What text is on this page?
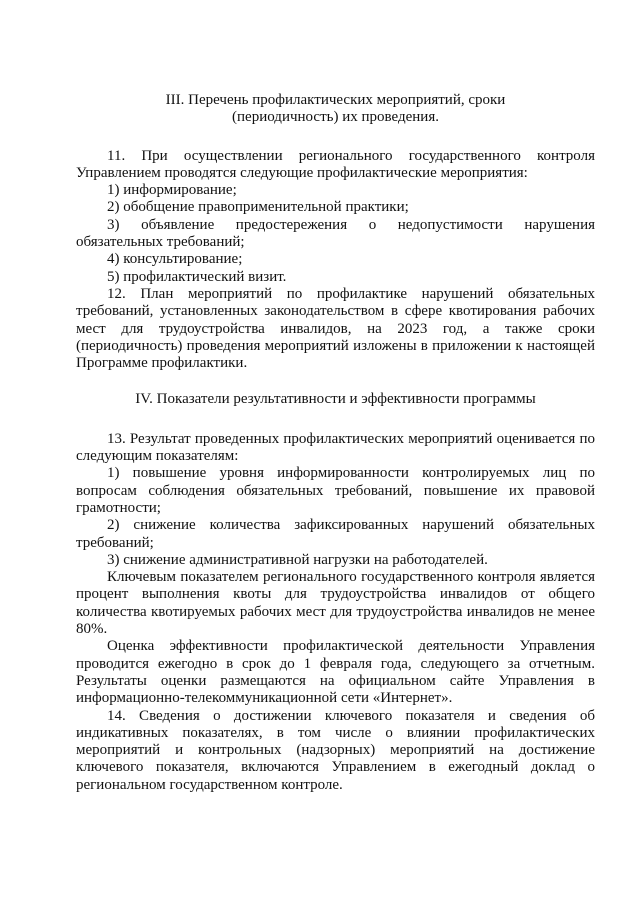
III. Перечень профилактических мероприятий, сроки (периодичность) их проведения.

11. При осуществлении регионального государственного контроля Управлением проводятся следующие профилактические мероприятия:

1) информирование;

2) обобщение правоприменительной практики;

3) объявление предостережения о недопустимости нарушения обязательных требований;

4) консультирование;

5) профилактический визит.

12. План мероприятий по профилактике нарушений обязательных требований, установленных законодательством в сфере квотирования рабочих мест для трудоустройства инвалидов, на 2023 год, а также сроки (периодичность) проведения мероприятий изложены в приложении к настоящей Программе профилактики.

IV. Показатели результативности и эффективности программы

13. Результат проведенных профилактических мероприятий оценивается по следующим показателям:

1) повышение уровня информированности контролируемых лиц по вопросам соблюдения обязательных требований, повышение их правовой грамотности;

2) снижение количества зафиксированных нарушений обязательных требований;

3) снижение административной нагрузки на работодателей.

Ключевым показателем регионального государственного контроля является процент выполнения квоты для трудоустройства инвалидов от общего количества квотируемых рабочих мест для трудоустройства инвалидов не менее 80%.

Оценка эффективности профилактической деятельности Управления проводится ежегодно в срок до 1 февраля года, следующего за отчетным. Результаты оценки размещаются на официальном сайте Управления в информационно-телекоммуникационной сети «Интернет».

14. Сведения о достижении ключевого показателя и сведения об индикативных показателях, в том числе о влиянии профилактических мероприятий и контрольных (надзорных) мероприятий на достижение ключевого показателя, включаются Управлением в ежегодный доклад о региональном государственном контроле.
